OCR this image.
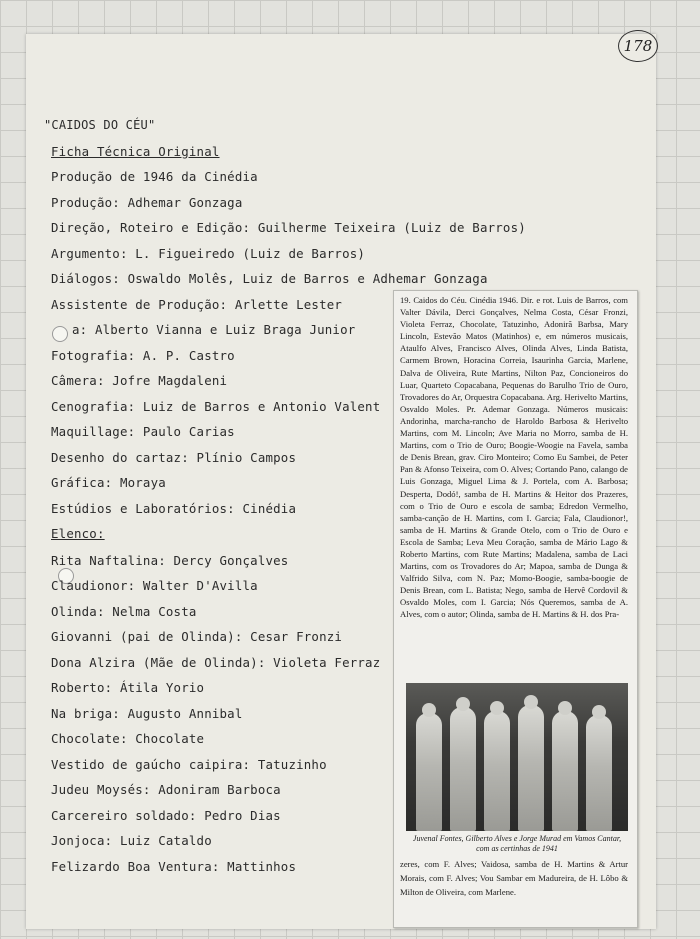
178
"CAIDOS DO CÉU"
Ficha Técnica Original
Produção de 1946 da Cinédia
Produção: Adhemar Gonzaga
Direção, Roteiro e Edição: Guilherme Teixeira (Luiz de Barros)
Argumento: L. Figueiredo (Luiz de Barros)
Diálogos: Oswaldo Molês, Luiz de Barros e Adhemar Gonzaga
Assistente de Produção: Arlette Lester
a: Alberto Vianna e Luiz Braga Junior
Fotografia: A. P. Castro
Câmera: Jofre Magdaleni
Cenografia: Luiz de Barros e Antonio Valent
Maquillage: Paulo Carias
Desenho do cartaz: Plínio Campos
Gráfica: Moraya
Estúdios e Laboratórios: Cinédia
Elenco:
Rita Naftalina: Dercy Gonçalves
Claudionor: Walter D'Avilla
Olinda: Nelma Costa
Giovanni (pai de Olinda): Cesar Fronzi
Dona Alzira (Mãe de Olinda): Violeta Ferraz
Roberto: Átila Yorio
Na briga: Augusto Annibal
Chocolate: Chocolate
Vestido de gaúcho caipira: Tatuzinho
Judeu Moysés: Adoniram Barboca
Carcereiro soldado: Pedro Dias
Jonjoca: Luiz Cataldo
Felizardo Boa Ventura: Mattinhos

19. Caidos do Céu. Cinédia 1946. Dir. e rot. Luis de Barros, com Valter Dávila, Derci Gonçalves, Nelma Costa, César Fronzi, Violeta Ferraz, Chocolate, Tatuzinho, Adonirã Barbsa, Mary Lincoln, Estevão Matos (Matinhos) e, em números musicais, Ataulfo Alves, Francisco Alves, Olinda Alves, Linda Batista, Carmem Brown, Horacina Correia, Isaurinha Garcia, Marlene, Dalva de Oliveira, Rute Martins, Nilton Paz, Concioneiros do Luar, Quarteto Copacabana, Pequenas do Barulho Trio de Ouro, Trovadores do Ar, Orquestra Copacabana. Arg. Herivelto Martins, Osvaldo Moles. Pr. Ademar Gonzaga. Números musicais: Andorinha, marcha-rancho de Haroldo Barbosa & Herivelto Martins, com M. Lincoln; Ave Maria no Morro, samba de H. Martins, com o Trio de Ouro; Boogie-Woogie na Favela, samba de Denis Brean, grav. Ciro Monteiro; Como Eu Sambei, de Peter Pan & Afonso Teixeira, com O. Alves; Cortando Pano, calango de Luis Gonzaga, Miguel Lima & J. Portela, com A. Barbosa; Desperta, Dodó!, samba de H. Martins & Heitor dos Prazeres, com o Trio de Ouro e escola de samba; Edredon Vermelho, samba-canção de H. Martins, com I. Garcia; Fala, Claudionor!, samba de H. Martins & Grande Otelo, com o Trio de Ouro e Escola de Samba; Leva Meu Coração, samba de Mário Lago & Roberto Martins, com Rute Martins; Madalena, samba de Laci Martins, com os Trovadores do Ar; Mapoa, samba de Dunga & Valfrido Silva, com N. Paz; Momo-Boogie, samba-boogie de Denis Brean, com L. Batista; Nego, samba de Hervê Cordovil & Osvaldo Moles, com I. Garcia; Nós Queremos, samba de A. Alves, com o autor; Olinda, samba de H. Martins & H. dos Pra-

Juvenal Fontes, Gilberto Alves e Jorge Murad em Vamos Cantar, com as certinhas de 1941

zeres, com F. Alves; Vaidosa, samba de H. Martins & Artur Morais, com F. Alves; Vou Sambar em Madureira, de H. Lôbo & Milton de Oliveira, com Marlene.
